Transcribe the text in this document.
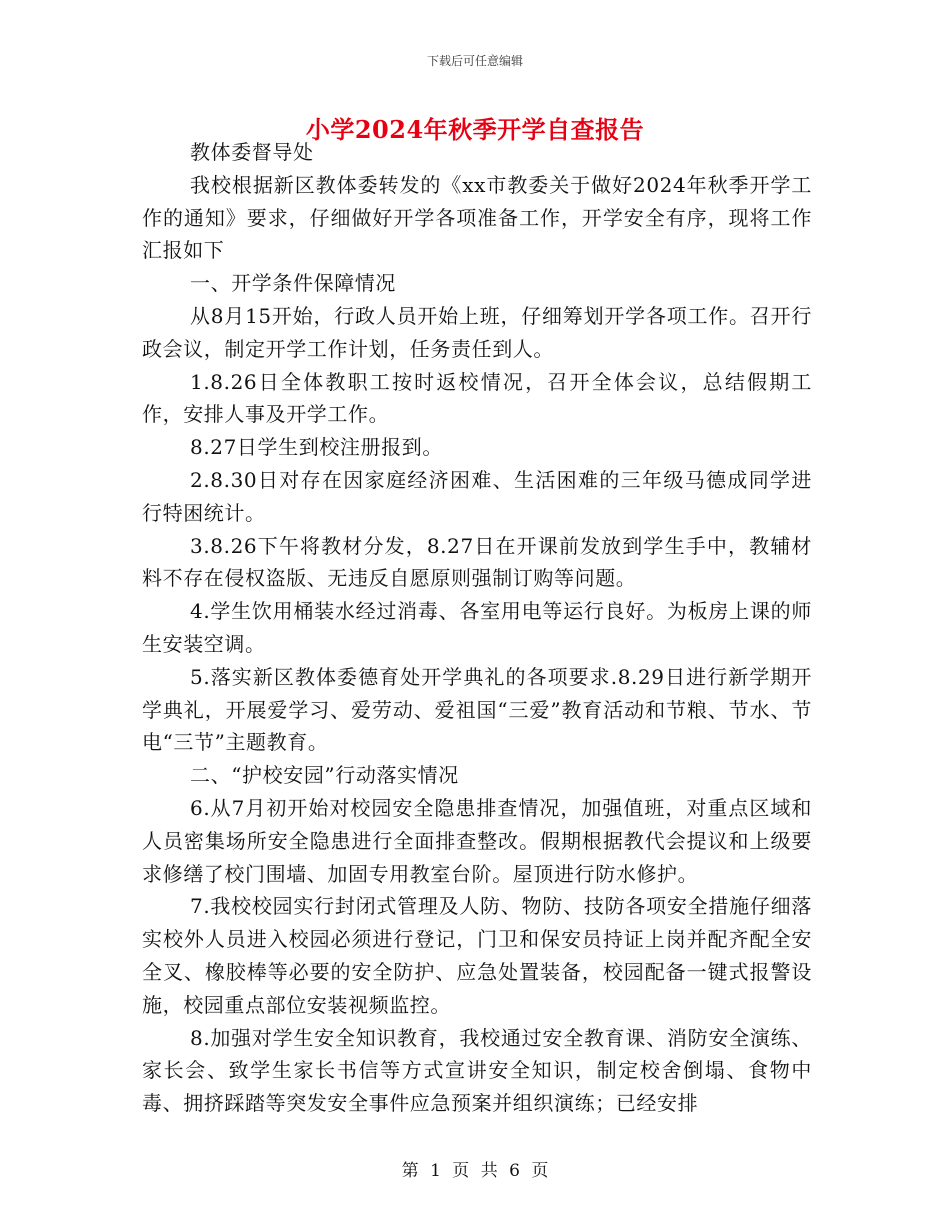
下载后可任意编辑
小学2024年秋季开学自查报告

教体委督导处

我校根据新区教体委转发的《xx市教委关于做好2024年秋季开学工作的通知》要求，仔细做好开学各项准备工作，开学安全有序，现将工作汇报如下

一、开学条件保障情况

从8月15开始，行政人员开始上班，仔细筹划开学各项工作。召开行政会议，制定开学工作计划，任务责任到人。

1.8.26日全体教职工按时返校情况，召开全体会议，总结假期工作，安排人事及开学工作。

8.27日学生到校注册报到。

2.8.30日对存在因家庭经济困难、生活困难的三年级马德成同学进行特困统计。

3.8.26下午将教材分发，8.27日在开课前发放到学生手中，教辅材料不存在侵权盗版、无违反自愿原则强制订购等问题。

4.学生饮用桶装水经过消毒、各室用电等运行良好。为板房上课的师生安装空调。

5.落实新区教体委德育处开学典礼的各项要求.8.29日进行新学期开学典礼，开展爱学习、爱劳动、爱祖国“三爱”教育活动和节粮、节水、节电“三节”主题教育。

二、“护校安园”行动落实情况

6.从7月初开始对校园安全隐患排查情况，加强值班，对重点区域和人员密集场所安全隐患进行全面排查整改。假期根据教代会提议和上级要求修缮了校门围墙、加固专用教室台阶。屋顶进行防水修护。

7.我校校园实行封闭式管理及人防、物防、技防各项安全措施仔细落实校外人员进入校园必须进行登记，门卫和保安员持证上岗并配齐配全安全叉、橡胶棒等必要的安全防护、应急处置装备，校园配备一键式报警设施，校园重点部位安装视频监控。

8.加强对学生安全知识教育，我校通过安全教育课、消防安全演练、家长会、致学生家长书信等方式宣讲安全知识，制定校舍倒塌、食物中毒、拥挤踩踏等突发安全事件应急预案并组织演练；已经安排

第 1 页 共 6 页
